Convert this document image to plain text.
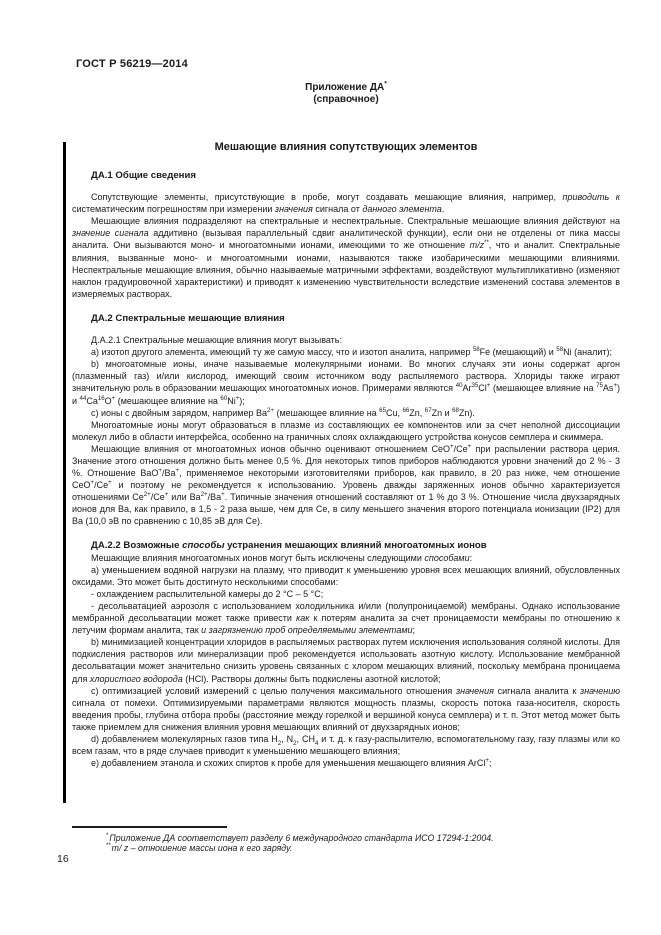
ГОСТ Р 56219—2014
Приложение ДА*
(справочное)
Мешающие влияния сопутствующих элементов
ДА.1 Общие сведения
Сопутствующие элементы, присутствующие в пробе, могут создавать мешающие влияния, например, приводить к систематическим погрешностям при измерении значения сигнала от данного элемента.
Мешающие влияния подразделяют на спектральные и неспектральные. Спектральные мешающие влияния действуют на значение сигнала аддитивно (вызывая параллельный сдвиг аналитической функции), если они не отделены от пика массы аналита. Они вызываются моно- и многоатомными ионами, имеющими то же отношение m/z**, что и аналит. Спектральные влияния, вызванные моно- и многоатомными ионами, называются также изобарическими мешающими влияниями. Неспектральные мешающие влияния, обычно называемые матричными эффектами, воздействуют мультипликативно (изменяют наклон градуировочной характеристики) и приводят к изменению чувствительности вследствие изменений состава элементов в измеряемых растворах.
ДА.2 Спектральные мешающие влияния
Д.А.2.1 Спектральные мешающие влияния могут вызывать:
а) изотоп другого элемента, имеющий ту же самую массу, что и изотоп аналита, например $^{58}$Fe (мешающий) и $^{58}$Ni (аналит);
b) многоатомные ионы, иначе называемые молекулярными ионами. Во многих случаях эти ионы содержат аргон (плазменный газ) и/или кислород, имеющий своим источником воду распыляемого раствора. Хлориды также играют значительную роль в образовании мешающих многоатомных ионов. Примерами являются $^{40}$Ar$^{35}$Cl+ (мешающее влияние на $^{75}$As+) и $^{44}$Ca$^{16}$O+ (мешающее влияние на $^{60}$Ni+);
с) ионы с двойным зарядом, например $Ba^{2+}$ (мешающее влияние на $^{65}$Cu, $^{66}$Zn, $^{67}$Zn и $^{68}$Zn).
Многоатомные ионы могут образоваться в плазме из составляющих ее компонентов или за счет неполной диссоциации молекул либо в области интерфейса, особенно на граничных слоях охлаждающего устройства конусов семплера и скиммера.
Мешающие влияния от многоатомных ионов обычно оценивают отношением CeO+/Ce+ при распылении раствора церия. Значение этого отношения должно быть менее 0,5 %. Для некоторых типов приборов наблюдаются уровни значений до 2 % - 3 %. Отношение BaO+/Ba+, применяемое некоторыми изготовителями приборов, как правило, в 20 раз ниже, чем отношение CeO+/Ce+ и поэтому не рекомендуется к использованию. Уровень дважды заряженных ионов обычно характеризуется отношениями $Ce^{2+}/Ce^+$ или $Ba^{2+}/Ba^+$. Типичные значения отношений составляют от 1 % до 3 %. Отношение числа двухзарядных ионов для Ba, как правило, в 1,5 - 2 раза выше, чем для Ce, в силу меньшего значения второго потенциала ионизации (IP2) для Ba (10,0 эВ по сравнению с 10,85 эВ для Ce).
ДА.2.2 Возможные способы устранения мешающих влияний многоатомных ионов
Мешающие влияния многоатомных ионов могут быть исключены следующими способами:
а) уменьшением водяной нагрузки на плазму, что приводит к уменьшению уровня всех мешающих влияний, обусловленных оксидами. Это может быть достигнуто несколькими способами:
- охлаждением распылительной камеры до 2 °С – 5 °С;
- десольватацией аэрозоля с использованием холодильника и/или (полупроницаемой) мембраны. Однако использование мембранной десольватации может также привести как к потерям аналита за счет проницаемости мембраны по отношению к летучим формам аналита, так и загрязнению проб определяемыми элементами;
b) минимизацией концентрации хлоридов в распыляемых растворах путем исключения использования соляной кислоты. Для подкисления растворов или минерализации проб рекомендуется использовать азотную кислоту. Использование мембранной десольватации может значительно снизить уровень связанных с хлором мешающих влияний, поскольку мембрана проницаема для хлористого водорода (HCl). Растворы должны быть подкислены азотной кислотой;
с) оптимизацией условий измерений с целью получения максимального отношения значения сигнала аналита к значению сигнала от помехи. Оптимизируемыми параметрами являются мощность плазмы, скорость потока газа-носителя, скорость введения пробы, глубина отбора пробы (расстояние между горелкой и вершиной конуса семплера) и т. п. Этот метод может быть также приемлем для снижения влияния уровня мешающих влияний от двухзарядных ионов;
d) добавлением молекулярных газов типа $H_2$, $N_2$, $CH_4$ и т. д. к газу-распылителю, вспомогательному газу, газу плазмы или ко всем газам, что в ряде случаев приводит к уменьшению мешающего влияния;
е) добавлением этанола и схожих спиртов к пробе для уменьшения мешающего влияния ArCl+;
*Приложение ДА соответствует разделу 6 международного стандарта ИСО 17294-1:2004.
**m/ z – отношение массы иона к его заряду.
16
